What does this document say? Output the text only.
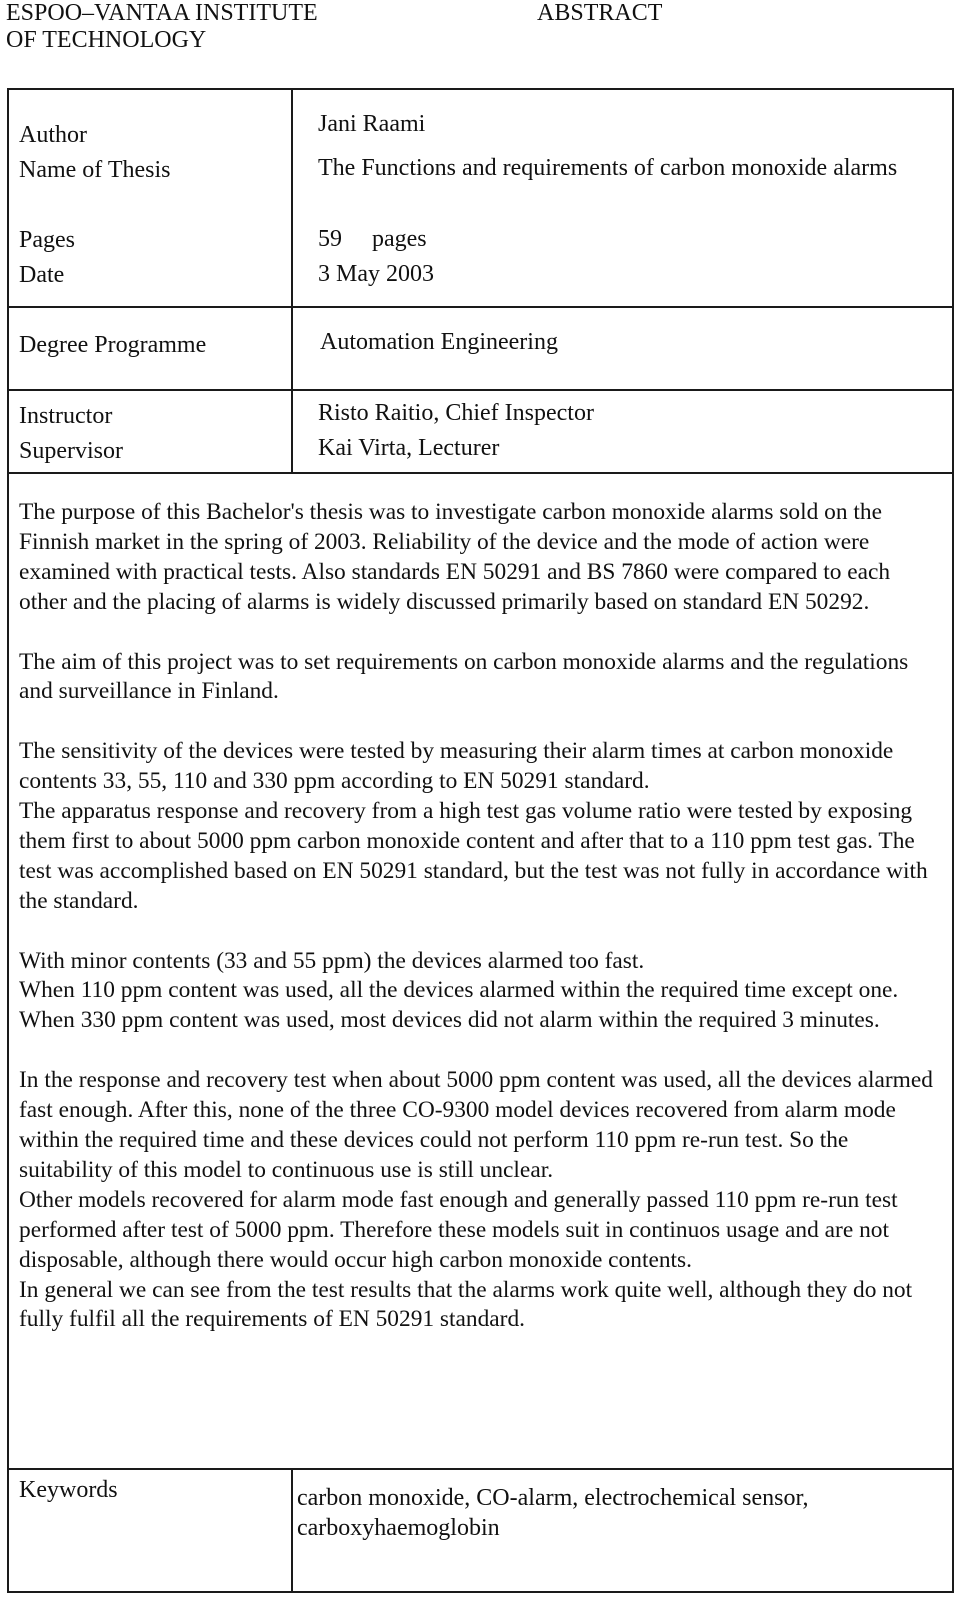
ESPOO–VANTAA INSTITUTE
OF TECHNOLOGY
ABSTRACT
Author	Jani Raami
Name of Thesis	The Functions and requirements of carbon monoxide alarms
Pages	59     pages
Date	3 May 2003
Degree Programme	Automation Engineering
Instructor	Risto Raitio, Chief Inspector
Supervisor	Kai Virta, Lecturer

The purpose of this Bachelor's thesis was to investigate carbon monoxide alarms sold on the Finnish market in the spring of 2003. Reliability of the device and the mode of action were examined with practical tests. Also standards EN 50291 and BS 7860 were compared to each other and the placing of alarms is widely discussed primarily based on standard EN 50292.

The aim of this project was to set requirements on carbon monoxide alarms and the regulations and surveillance in Finland.

The sensitivity of the devices were tested by measuring their alarm times at carbon monoxide contents 33, 55, 110 and 330 ppm according to EN 50291 standard.

The apparatus response and recovery from a high test gas volume ratio were tested by exposing them first to about 5000 ppm carbon monoxide content and after that to a 110 ppm test gas. The test was accomplished based on EN 50291 standard, but the test was not fully in accordance with the standard.

With minor contents (33 and 55 ppm) the devices alarmed too fast.

When 110 ppm content was used, all the devices alarmed within the required time except one. When 330 ppm content was used, most devices did not alarm within the required 3 minutes.

In the response and recovery test when about 5000 ppm content was used, all the devices alarmed fast enough. After this, none of the three CO-9300 model devices recovered from alarm mode within the required time and these devices could not perform 110 ppm re-run test. So the suitability of this model to continuous use is still unclear.

Other models recovered for alarm mode fast enough and generally passed 110 ppm re-run test performed after test of 5000 ppm. Therefore these models suit in continuos usage and are not disposable, although there would occur high carbon monoxide contents.

In general we can see from the test results that the alarms work quite well, although they do not fully fulfil all the requirements of EN 50291 standard.

Keywords	carbon monoxide, CO-alarm, electrochemical sensor, carboxyhaemoglobin
